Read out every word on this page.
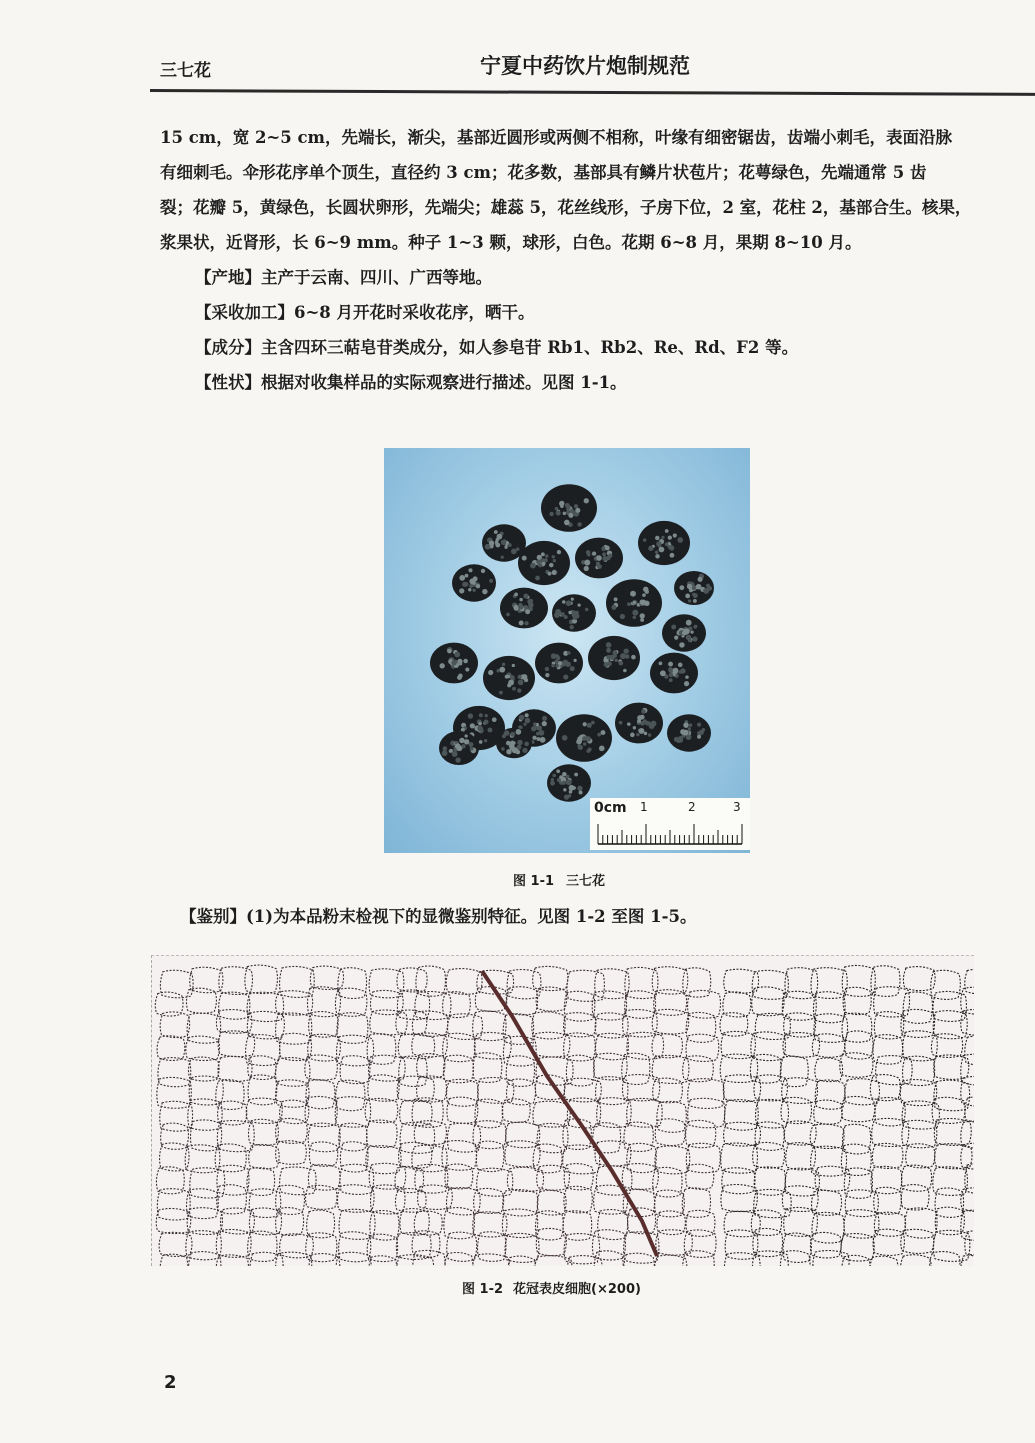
三七花	宁夏中药饮片炮制规范

15 cm，宽 2~5 cm，先端长，渐尖，基部近圆形或两侧不相称，叶缘有细密锯齿，齿端小刺毛，表面沿脉

有细刺毛。伞形花序单个顶生，直径约 3 cm；花多数，基部具有鳞片状苞片；花萼绿色，先端通常 5 齿

裂；花瓣 5，黄绿色，长圆状卵形，先端尖；雄蕊 5，花丝线形，子房下位，2 室，花柱 2，基部合生。核果，

浆果状，近肾形，长 6~9 mm。种子 1~3 颗，球形，白色。花期 6~8 月，果期 8~10 月。

【产地】主产于云南、四川、广西等地。

【采收加工】6~8 月开花时采收花序，晒干。

【成分】主含四环三萜皂苷类成分，如人参皂苷 Rb1、Rb2、Re、Rd、F2 等。

【性状】根据对收集样品的实际观察进行描述。见图 1-1。

0cm 1	2	3
图 1-1 三七花
【鉴别】(1)为本品粉末检视下的显微鉴别特征。见图 1-2 至图 1-5。
图 1-2 花冠表皮细胞(×200)
2
